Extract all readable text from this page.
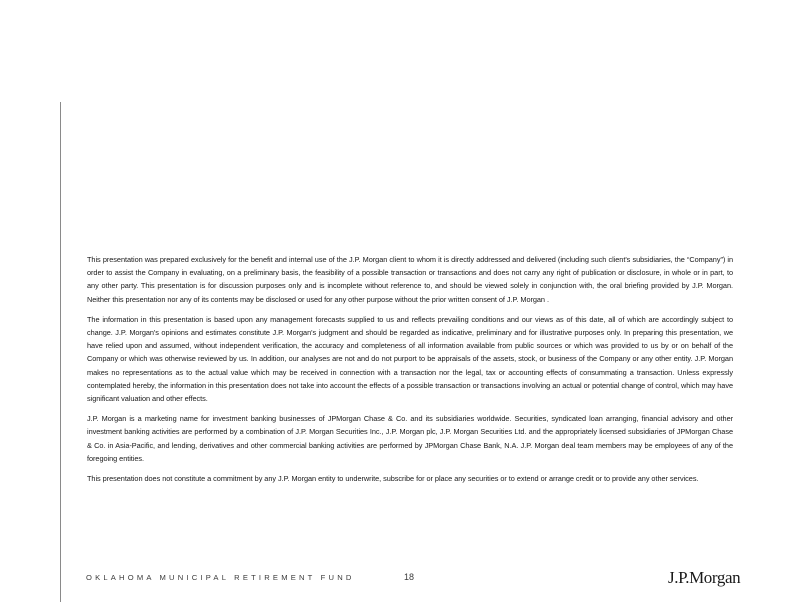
This presentation was prepared exclusively for the benefit and internal use of the J.P. Morgan client to whom it is directly addressed and delivered (including such client's subsidiaries, the “Company”) in order to assist the Company in evaluating, on a preliminary basis, the feasibility of a possible transaction or transactions and does not carry any right of publication or disclosure, in whole or in part, to any other party. This presentation is for discussion purposes only and is incomplete without reference to, and should be viewed solely in conjunction with, the oral briefing provided by J.P. Morgan. Neither this presentation nor any of its contents may be disclosed or used for any other purpose without the prior written consent of J.P. Morgan .

The information in this presentation is based upon any management forecasts supplied to us and reflects prevailing conditions and our views as of this date, all of which are accordingly subject to change. J.P. Morgan's opinions and estimates constitute J.P. Morgan's judgment and should be regarded as indicative, preliminary and for illustrative purposes only. In preparing this presentation, we have relied upon and assumed, without independent verification, the accuracy and completeness of all information available from public sources or which was provided to us by or on behalf of the Company or which was otherwise reviewed by us. In addition, our analyses are not and do not purport to be appraisals of the assets, stock, or business of the Company or any other entity. J.P. Morgan makes no representations as to the actual value which may be received in connection with a transaction nor the legal, tax or accounting effects of consummating a transaction. Unless expressly contemplated hereby, the information in this presentation does not take into account the effects of a possible transaction or transactions involving an actual or potential change of control, which may have significant valuation and other effects.

J.P. Morgan is a marketing name for investment banking businesses of JPMorgan Chase & Co. and its subsidiaries worldwide. Securities, syndicated loan arranging, financial advisory and other investment banking activities are performed by a combination of J.P. Morgan Securities Inc., J.P. Morgan plc, J.P. Morgan Securities Ltd. and the appropriately licensed subsidiaries of JPMorgan Chase & Co. in Asia-Pacific, and lending, derivatives and other commercial banking activities are performed by JPMorgan Chase Bank, N.A. J.P. Morgan deal team members may be employees of any of the foregoing entities.

This presentation does not constitute a commitment by any J.P. Morgan entity to underwrite, subscribe for or place any securities or to extend or arrange credit or to provide any other services.

OKLAHOMA MUNICIPAL RETIREMENT FUND	18	J.P.Morgan
